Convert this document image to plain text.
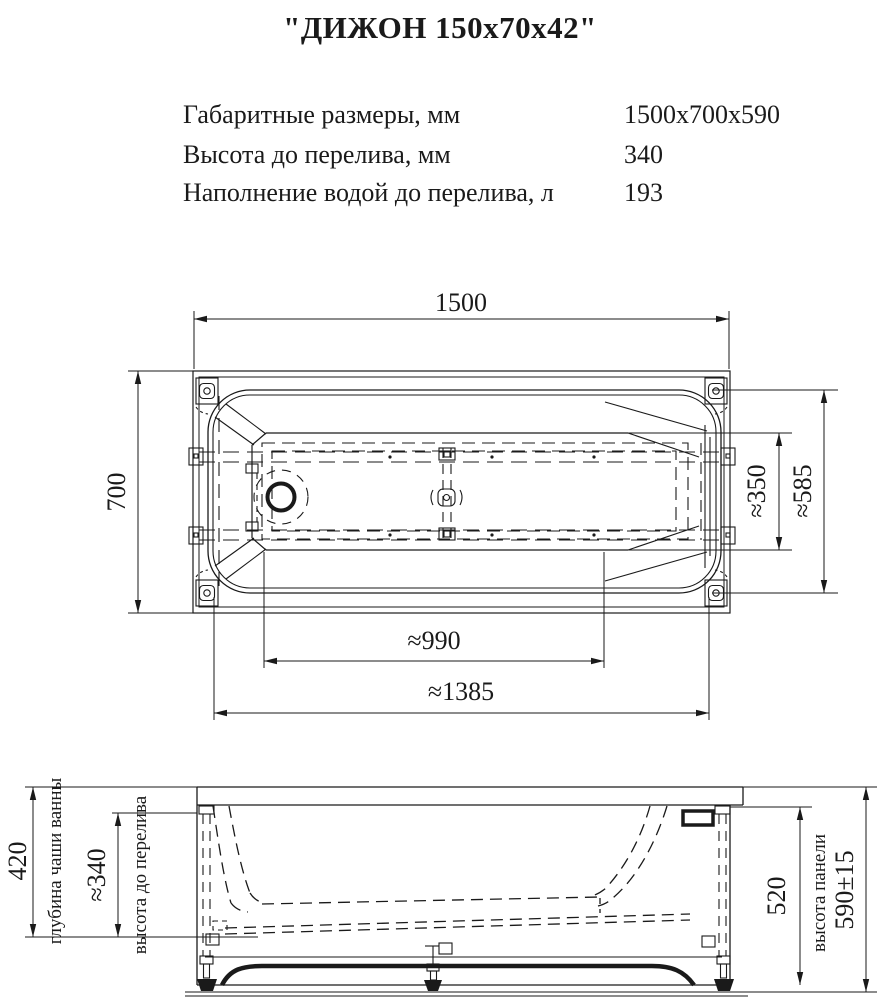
"ДИЖОН 150x70x42"
Габаритные размеры, мм	1500x700x590
Высота до перелива, мм	340
Наполнение водой до перелива, л	193
1500
700	≈350 ≈585
≈990
≈1385
420 глубина чаши ванны ≈340 высота до перелива	520 высота панели 590±15
